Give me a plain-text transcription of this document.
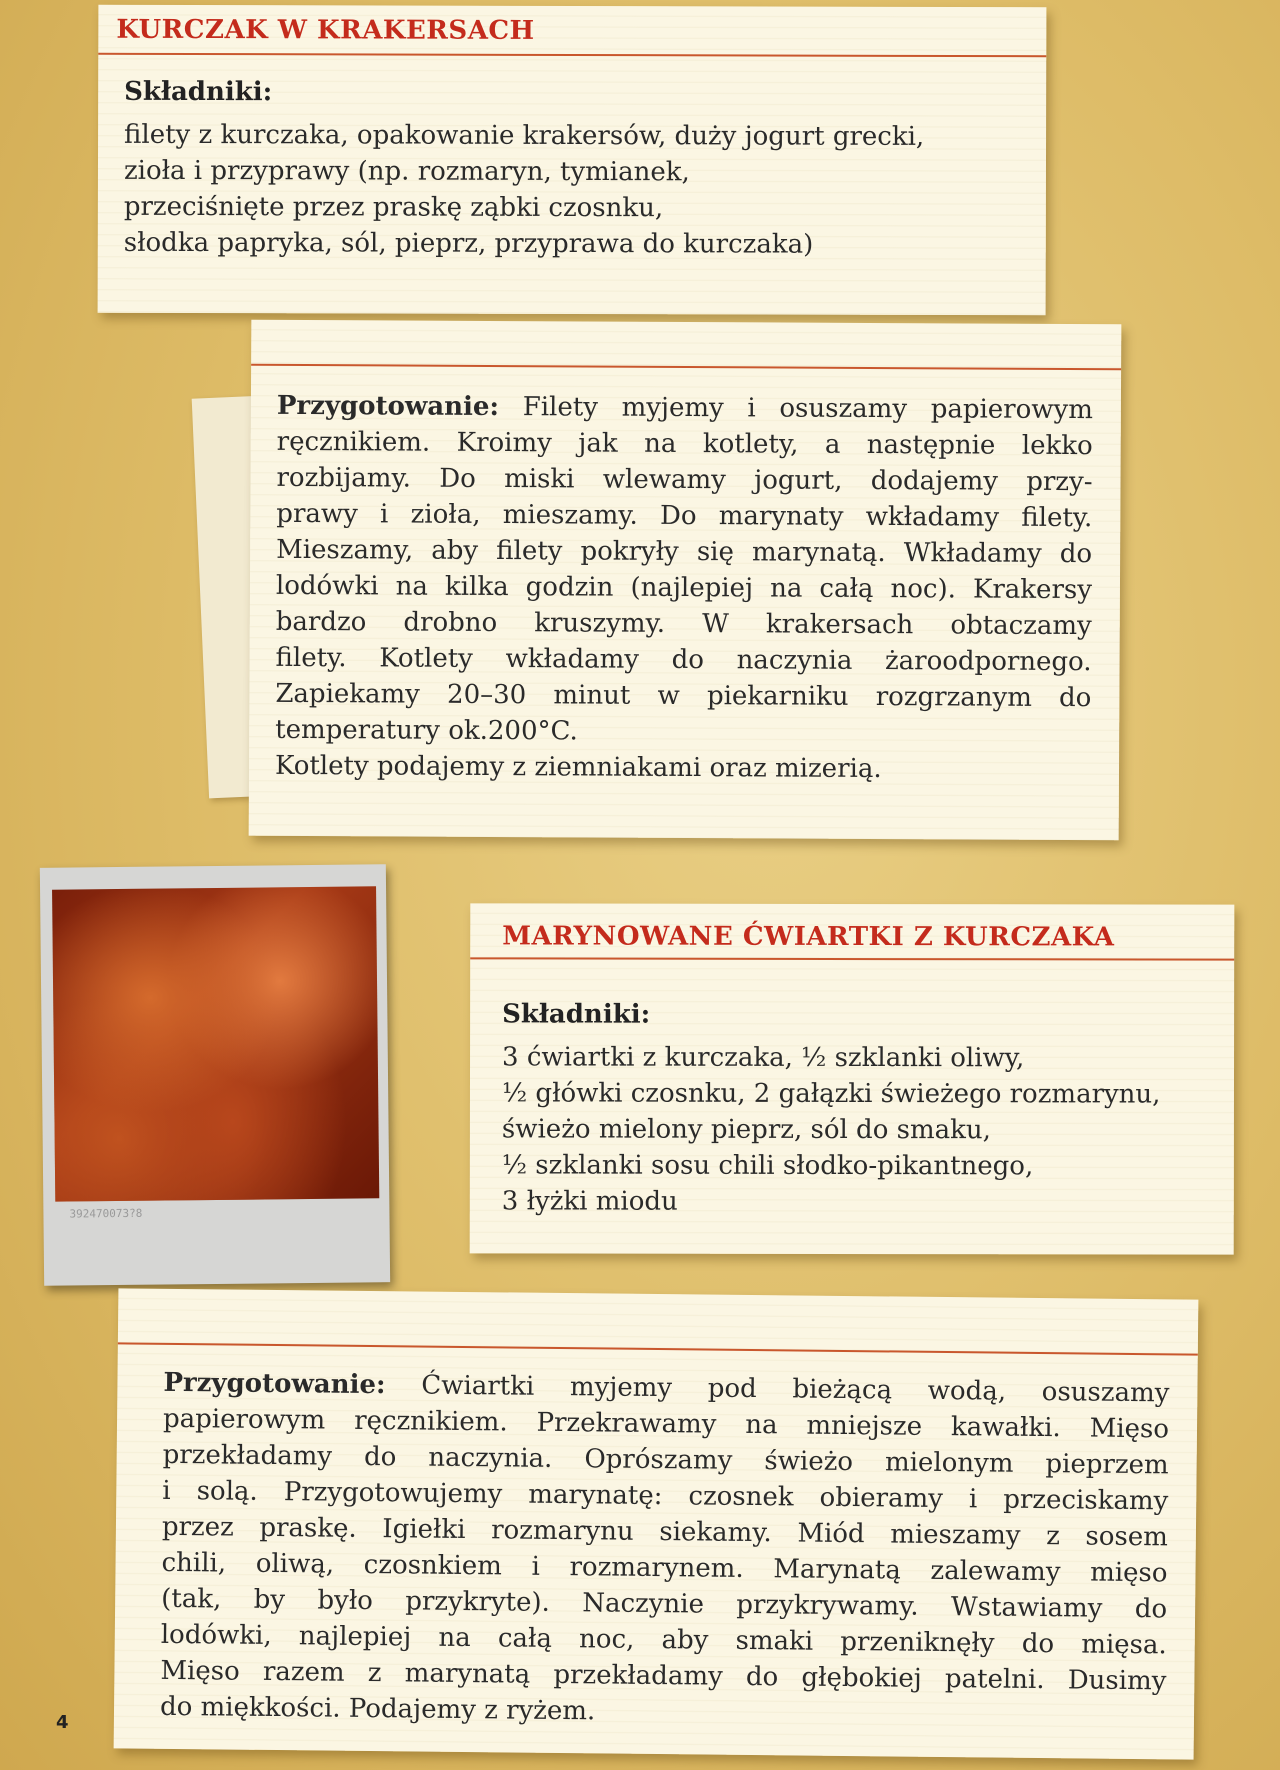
KURCZAK W KRAKERSACH

Składniki:

filety z kurczaka, opakowanie krakersów, duży jogurt grecki,
zioła i przyprawy (np. rozmaryn, tymianek,
przeciśnięte przez praskę ząbki czosnku,
słodka papryka, sól, pieprz, przyprawa do kurczaka)

Przygotowanie: Filety myjemy i osuszamy papierowym
ręcznikiem. Kroimy jak na kotlety, a następnie lekko
rozbijamy. Do miski wlewamy jogurt, dodajemy przy-
prawy i zioła, mieszamy. Do marynaty wkładamy filety.
Mieszamy, aby filety pokryły się marynatą. Wkładamy do
lodówki na kilka godzin (najlepiej na całą noc). Krakersy
bardzo drobno kruszymy. W krakersach obtaczamy
filety. Kotlety wkładamy do naczynia żaroodpornego.
Zapiekamy 20–30 minut w piekarniku rozgrzanym do
temperatury ok.200°C.
Kotlety podajemy z ziemniakami oraz mizerią.

392470073?8
MARYNOWANE ĆWIARTKI Z KURCZAKA

Składniki:

3 ćwiartki z kurczaka, ½ szklanki oliwy,
½ główki czosnku, 2 gałązki świeżego rozmarynu,
świeżo mielony pieprz, sól do smaku,
½ szklanki sosu chili słodko-pikantnego,
3 łyżki miodu

Przygotowanie: Ćwiartki myjemy pod bieżącą wodą, osuszamy
papierowym ręcznikiem. Przekrawamy na mniejsze kawałki. Mięso
przekładamy do naczynia. Oprószamy świeżo mielonym pieprzem
i solą. Przygotowujemy marynatę: czosnek obieramy i przeciskamy
przez praskę. Igiełki rozmarynu siekamy. Miód mieszamy z sosem
chili, oliwą, czosnkiem i rozmarynem. Marynatą zalewamy mięso
(tak, by było przykryte). Naczynie przykrywamy. Wstawiamy do
lodówki, najlepiej na całą noc, aby smaki przeniknęły do mięsa.
Mięso razem z marynatą przekładamy do głębokiej patelni. Dusimy
do miękkości. Podajemy z ryżem.

4
